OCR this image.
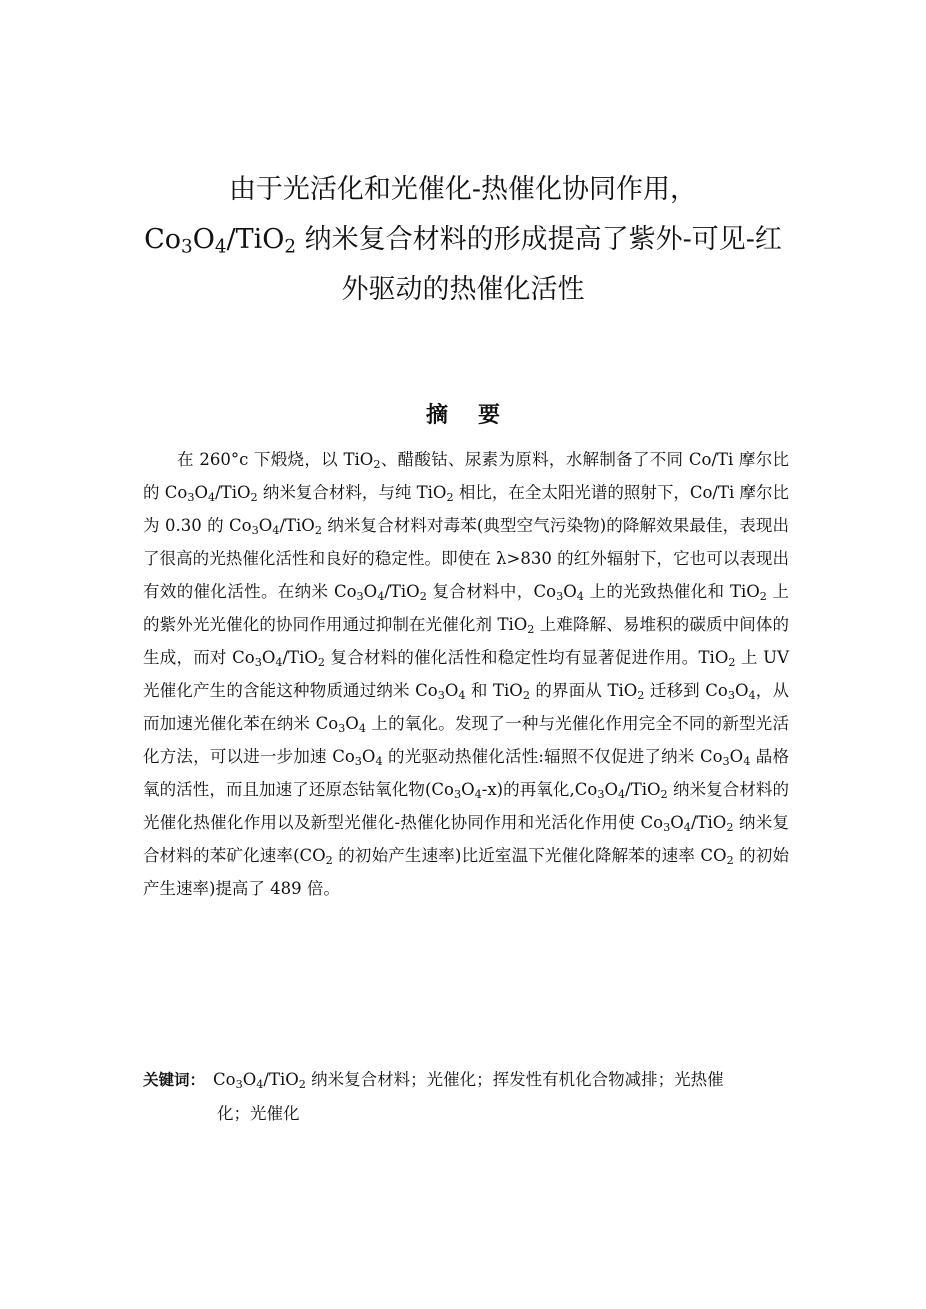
由于光活化和光催化-热催化协同作用，
$Co_3O_4/TiO_2$ 纳米复合材料的形成提高了紫外-可见-红
外驱动的热催化活性
摘 要
在 260°c 下煅烧，以 TiO$_2$、醋酸钴、尿素为原料，水解制备了不同 Co/Ti 摩尔比的 $Co_3O_4/TiO_2$ 纳米复合材料，与纯 TiO$_2$ 相比，在全太阳光谱的照射下，Co/Ti 摩尔比为 0.30 的 $Co_3O_4/TiO_2$ 纳米复合材料对毒苯(典型空气污染物)的降解效果最佳，表现出了很高的光热催化活性和良好的稳定性。即使在 λ>830 的红外辐射下，它也可以表现出有效的催化活性。在纳米 $Co_3O_4/TiO_2$ 复合材料中，$Co_3O_4$ 上的光致热催化和 TiO$_2$ 上的紫外光光催化的协同作用通过抑制在光催化剂 TiO$_2$ 上难降解、易堆积的碳质中间体的生成，而对 $Co_3O_4/TiO_2$ 复合材料的催化活性和稳定性均有显著促进作用。TiO$_2$ 上 UV 光催化产生的含能这种物质通过纳米 $Co_3O_4$ 和 TiO$_2$ 的界面从 TiO$_2$ 迁移到 $Co_3O_4$，从而加速光催化苯在纳米 $Co_3O_4$ 上的氧化。发现了一种与光催化作用完全不同的新型光活化方法，可以进一步加速 $Co_3O_4$ 的光驱动热催化活性:辐照不仅促进了纳米 $Co_3O_4$ 晶格氧的活性，而且加速了还原态钴氧化物$(Co_3O_4-x)$的再氧化$,Co_3O_4/TiO_2$ 纳米复合材料的光催化热催化作用以及新型光催化-热催化协同作用和光活化作用使 $Co_3O_4/TiO_2$ 纳米复合材料的苯矿化速率($CO_2$ 的初始产生速率)比近室温下光催化降解苯的速率 $CO_2$ 的初始产生速率)提高了 489 倍。
关键词： $Co_3O_4/TiO_2$ 纳米复合材料；光催化；挥发性有机化合物减排；光热催
化；光催化
